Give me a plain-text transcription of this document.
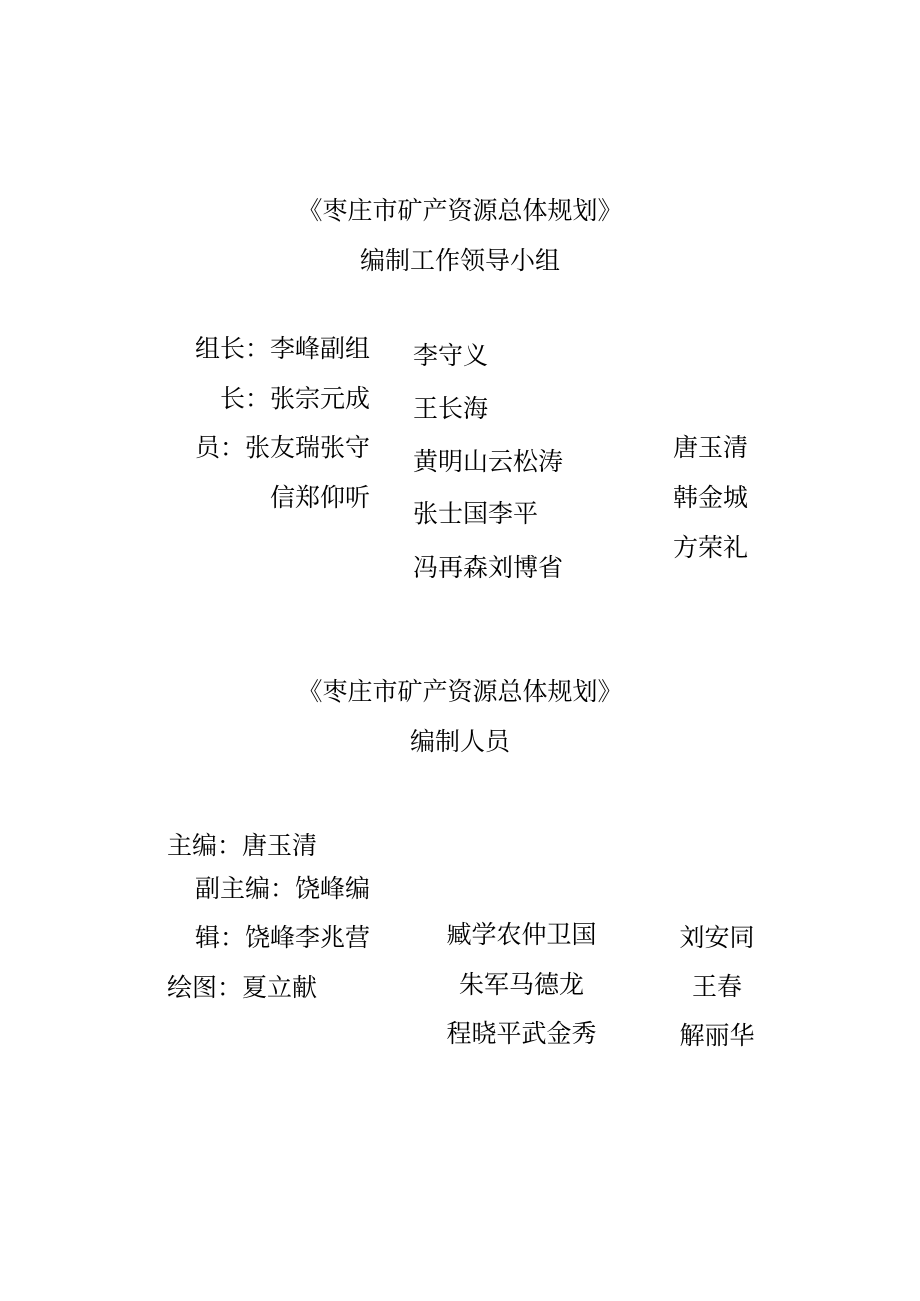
《枣庄市矿产资源总体规划》
编制工作领导小组

组长：李峰副组

长：张宗元成

员：张友瑞张守

信郑仰听

李守义

王长海

黄明山云松涛

张士国李平

冯再森刘博省

唐玉清

韩金城

方荣礼

《枣庄市矿产资源总体规划》
编制人员

主编：唐玉清

副主编：饶峰编

辑：饶峰李兆营

绘图：夏立献

臧学农仲卫国

朱军马德龙

程晓平武金秀

刘安同

王春

解丽华
